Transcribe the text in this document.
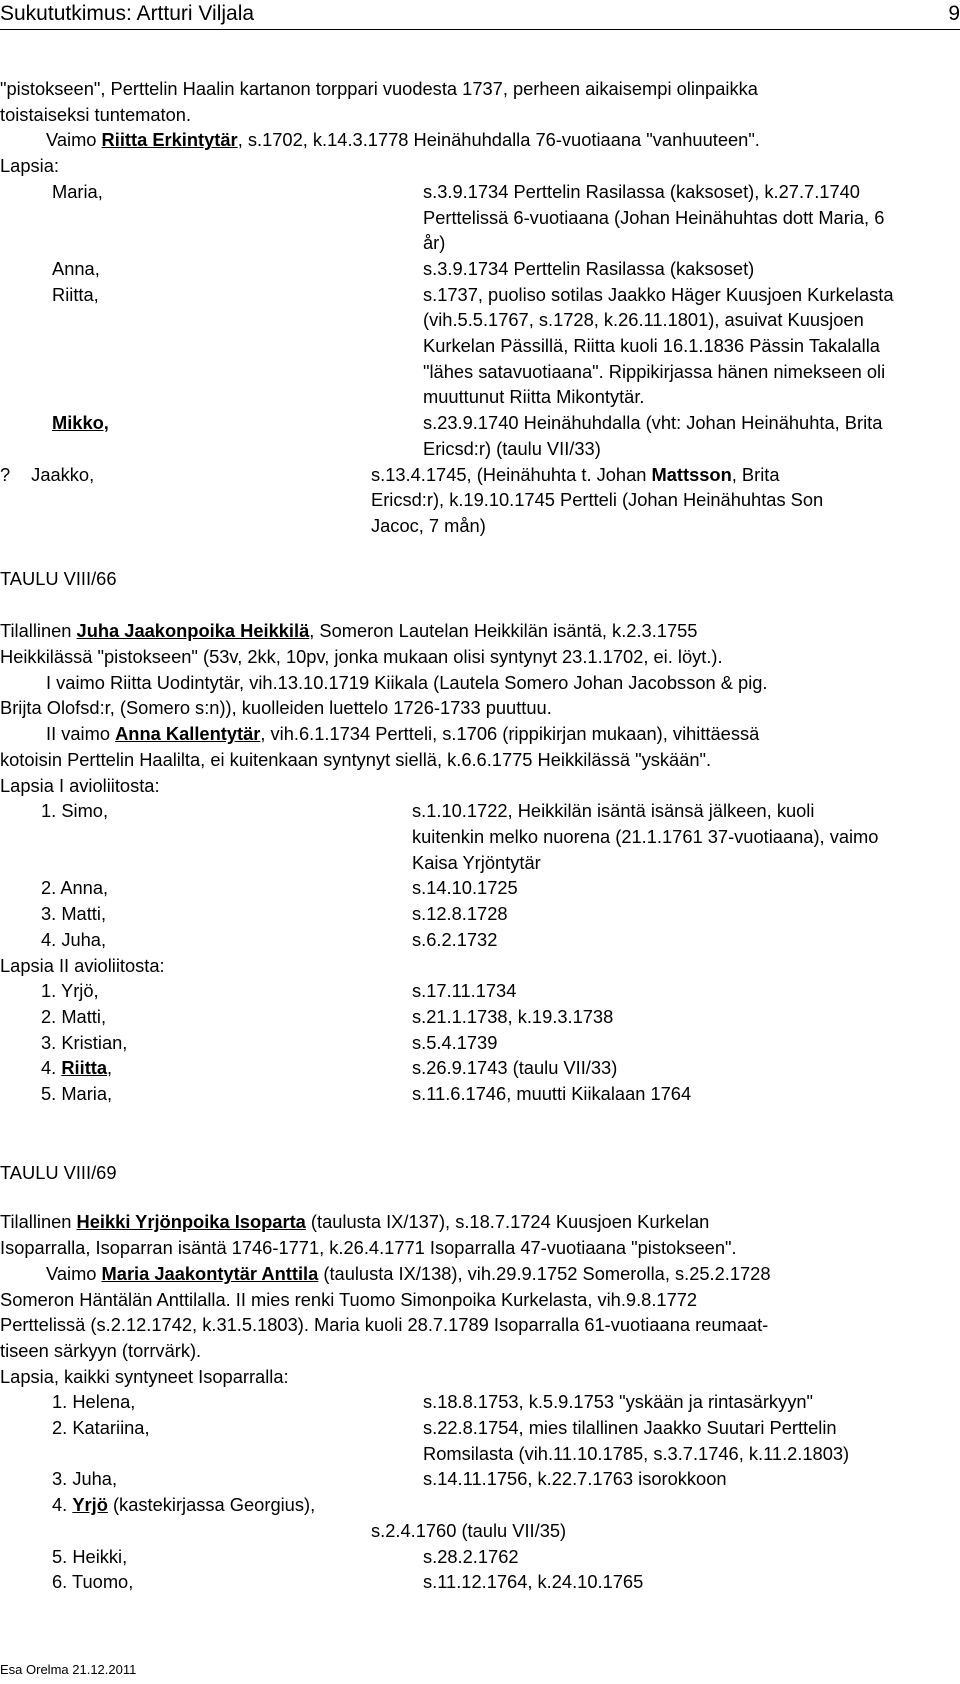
Sukututkimus: Artturi Viljala	9
"pistokseen", Perttelin Haalin kartanon torppari vuodesta 1737, perheen aikaisempi olinpaikka
toistaiseksi tuntematon.
Vaimo Riitta Erkintytär, s.1702, k.14.3.1778 Heinähuhdalla 76-vuotiaana "vanhuuteen".
Lapsia:
Maria,	s.3.9.1734 Perttelin Rasilassa (kaksoset), k.27.7.1740
Perttelissä 6-vuotiaana (Johan Heinähuhtas dott Maria, 6
år)
Anna,	s.3.9.1734 Perttelin Rasilassa (kaksoset)
Riitta,	s.1737, puoliso sotilas Jaakko Häger Kuusjoen Kurkelasta
(vih.5.5.1767, s.1728, k.26.11.1801), asuivat Kuusjoen
Kurkelan Pässillä, Riitta kuoli 16.1.1836 Pässin Takalalla
"lähes satavuotiaana". Rippikirjassa hänen nimekseen oli
muuttunut Riitta Mikontytär.
Mikko,	s.23.9.1740 Heinähuhdalla (vht: Johan Heinähuhta, Brita
Ericsd:r) (taulu VII/33)
? Jaakko,	s.13.4.1745, (Heinähuhta t. Johan Mattsson, Brita
Ericsd:r), k.19.10.1745 Pertteli (Johan Heinähuhtas Son
Jacoc, 7 mån)
TAULU VIII/66
Tilallinen Juha Jaakonpoika Heikkilä, Someron Lautelan Heikkilän isäntä, k.2.3.1755
Heikkilässä "pistokseen" (53v, 2kk, 10pv, jonka mukaan olisi syntynyt 23.1.1702, ei. löyt.).
I vaimo Riitta Uodintytär, vih.13.10.1719 Kiikala (Lautela Somero Johan Jacobsson & pig.
Brijta Olofsd:r, (Somero s:n)), kuolleiden luettelo 1726-1733 puuttuu.
II vaimo Anna Kallentytär, vih.6.1.1734 Pertteli, s.1706 (rippikirjan mukaan), vihittäessä
kotoisin Perttelin Haalilta, ei kuitenkaan syntynyt siellä, k.6.6.1775 Heikkilässä "yskään".
Lapsia I avioliitosta:
1. Simo,	s.1.10.1722, Heikkilän isäntä isänsä jälkeen, kuoli
kuitenkin melko nuorena (21.1.1761 37-vuotiaana), vaimo
Kaisa Yrjöntytär
2. Anna,	s.14.10.1725
3. Matti,	s.12.8.1728
4. Juha,	s.6.2.1732
Lapsia II avioliitosta:
1. Yrjö,	s.17.11.1734
2. Matti,	s.21.1.1738, k.19.3.1738
3. Kristian,	s.5.4.1739
4. Riitta,	s.26.9.1743 (taulu VII/33)
5. Maria,	s.11.6.1746, muutti Kiikalaan 1764
TAULU VIII/69
Tilallinen Heikki Yrjönpoika Isoparta (taulusta IX/137), s.18.7.1724 Kuusjoen Kurkelan
Isoparralla, Isoparran isäntä 1746-1771, k.26.4.1771 Isoparralla 47-vuotiaana "pistokseen".
Vaimo Maria Jaakontytär Anttila (taulusta IX/138), vih.29.9.1752 Somerolla, s.25.2.1728
Someron Häntälän Anttilalla. II mies renki Tuomo Simonpoika Kurkelasta, vih.9.8.1772
Perttelissä (s.2.12.1742, k.31.5.1803). Maria kuoli 28.7.1789 Isoparralla 61-vuotiaana reumaat-
tiseen särkyyn (torrvärk).
Lapsia, kaikki syntyneet Isoparralla:
1. Helena,	s.18.8.1753, k.5.9.1753 "yskään ja rintasärkyyn"
2. Katariina,	s.22.8.1754, mies tilallinen Jaakko Suutari Perttelin
Romsilasta (vih.11.10.1785, s.3.7.1746, k.11.2.1803)
3. Juha,	s.14.11.1756, k.22.7.1763 isorokkoon
4. Yrjö (kastekirjassa Georgius),
s.2.4.1760 (taulu VII/35)
5. Heikki,	s.28.2.1762
6. Tuomo,	s.11.12.1764, k.24.10.1765
Esa Orelma 21.12.2011
